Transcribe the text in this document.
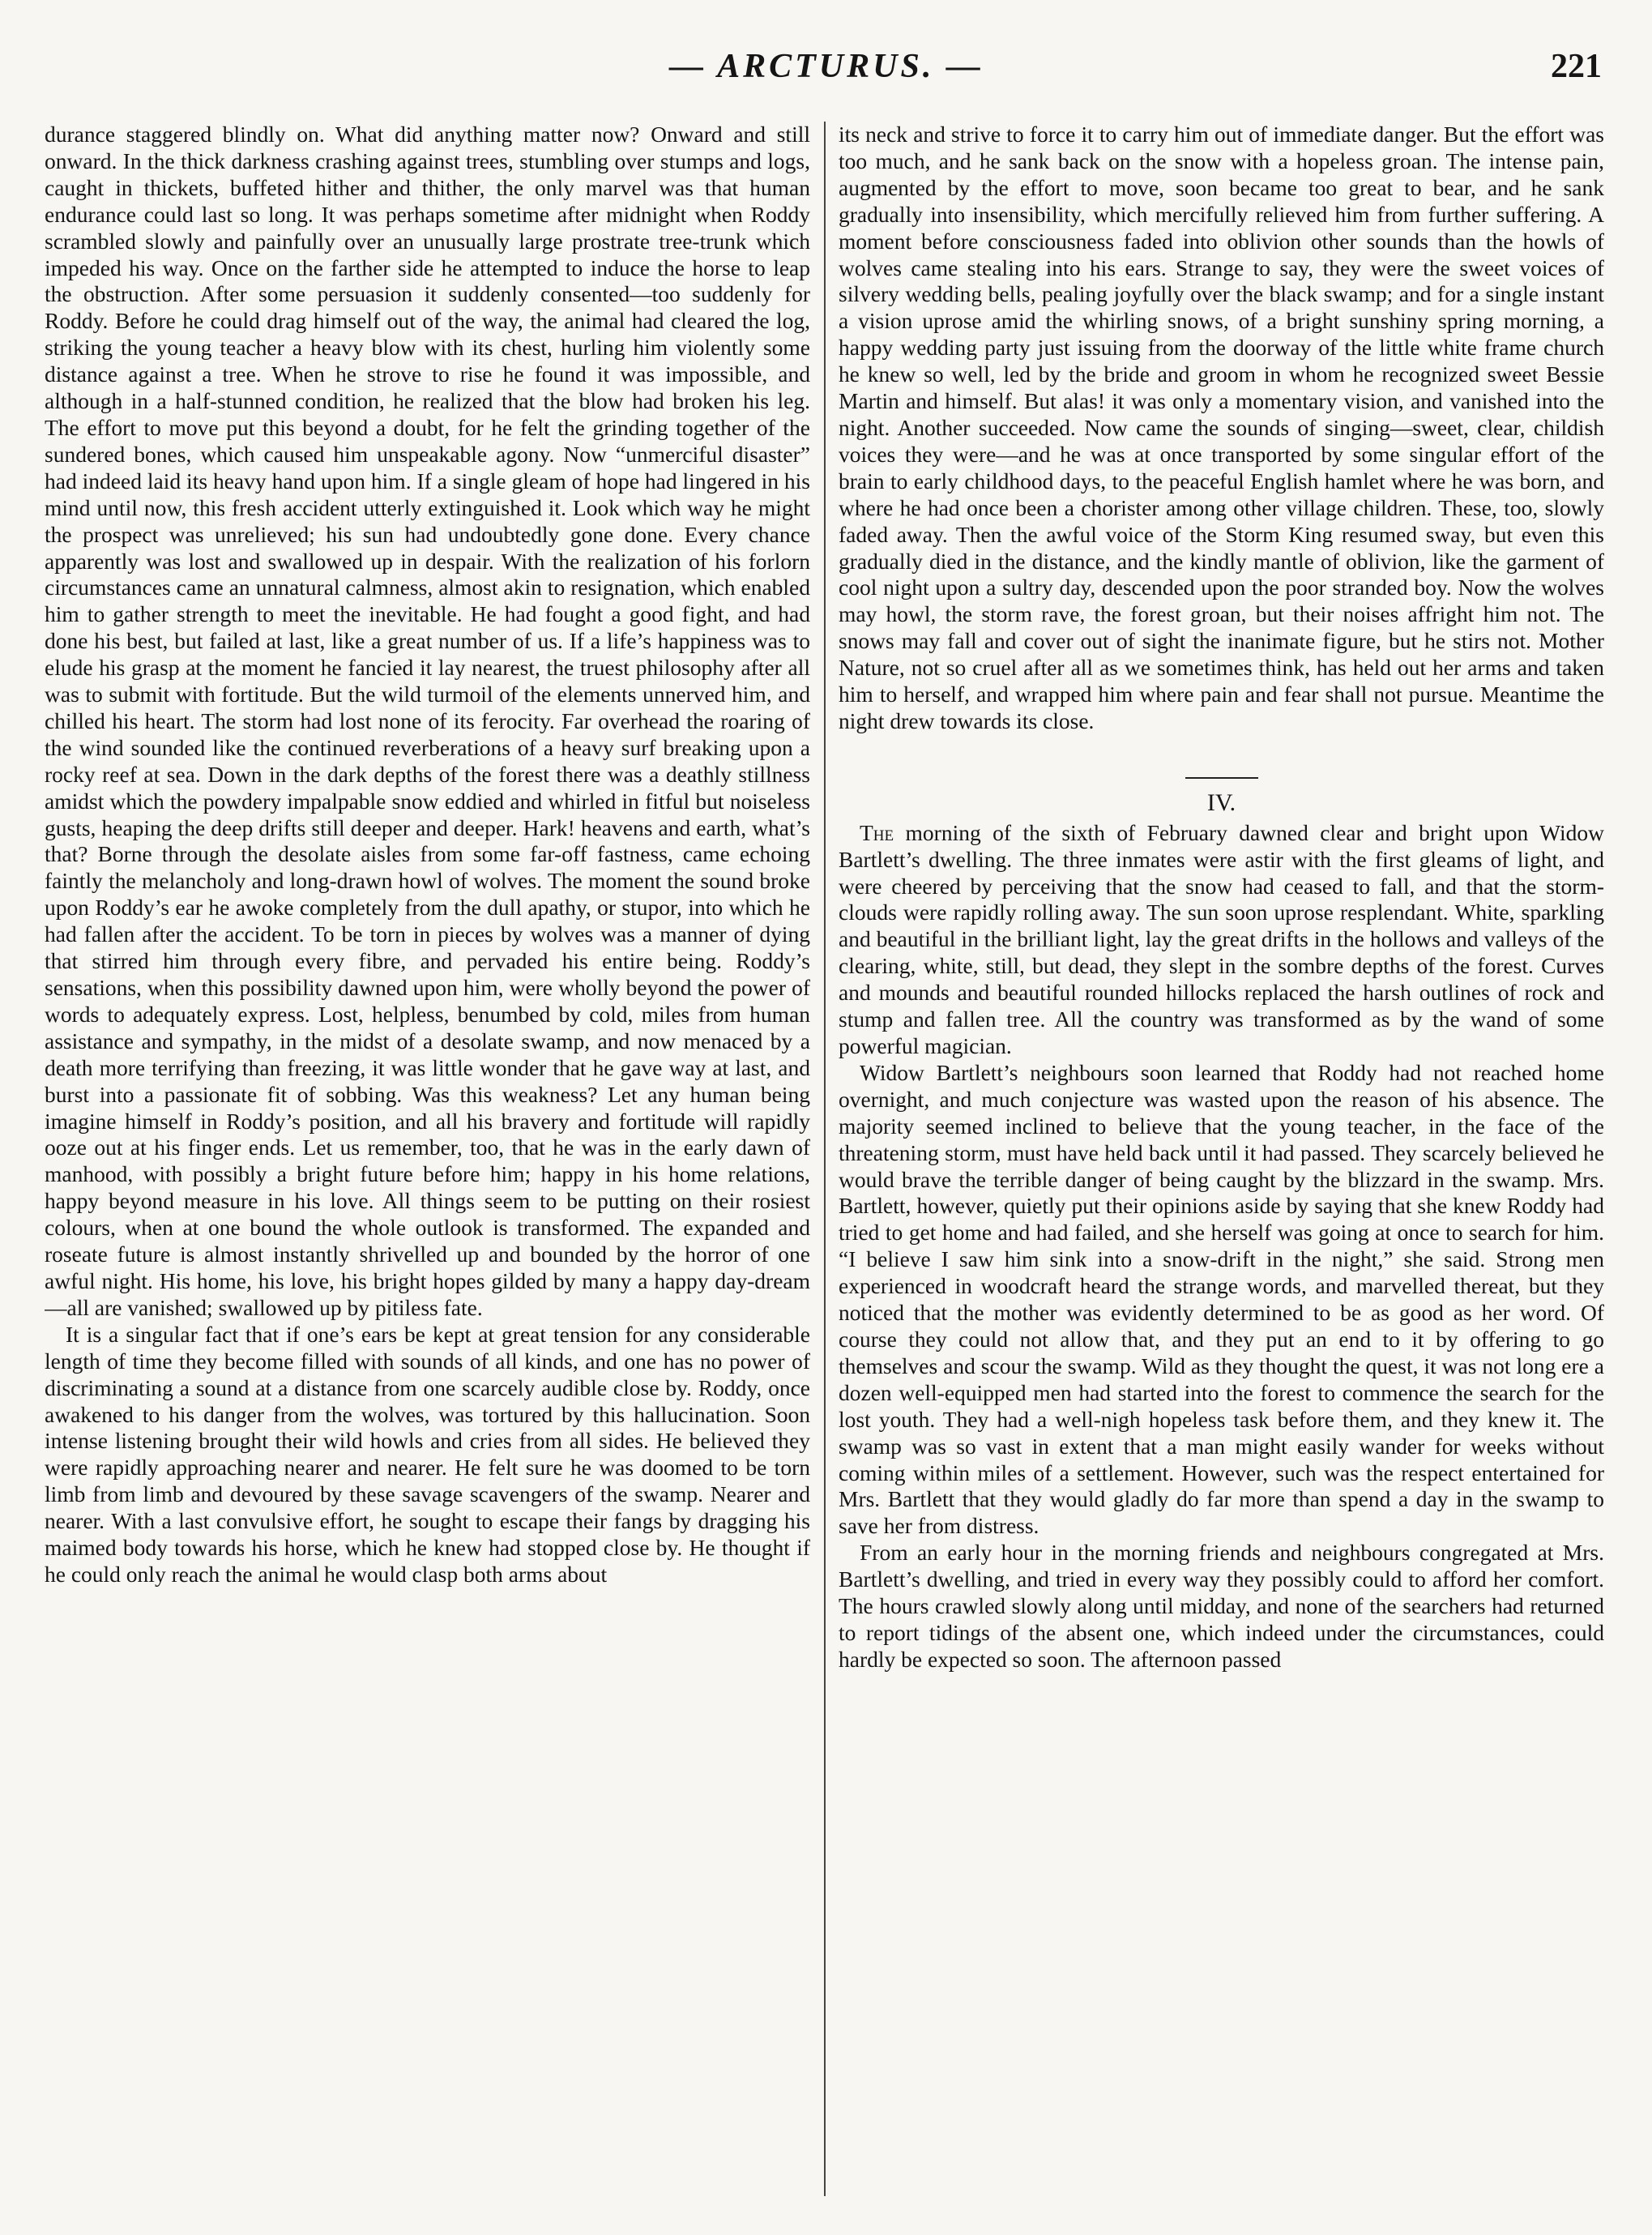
— ARCTURUS. —	221

durance staggered blindly on. What did anything matter now? Onward and still onward. In the thick darkness crashing against trees, stumbling over stumps and logs, caught in thickets, buffeted hither and thither, the only marvel was that human endurance could last so long. It was perhaps sometime after midnight when Roddy scrambled slowly and painfully over an unusually large prostrate tree-trunk which impeded his way. Once on the farther side he attempted to induce the horse to leap the obstruction. After some persuasion it suddenly consented—too suddenly for Roddy. Before he could drag himself out of the way, the animal had cleared the log, striking the young teacher a heavy blow with its chest, hurling him violently some distance against a tree. When he strove to rise he found it was impossible, and although in a half-stunned condition, he realized that the blow had broken his leg. The effort to move put this beyond a doubt, for he felt the grinding together of the sundered bones, which caused him unspeakable agony. Now “unmerciful disaster” had indeed laid its heavy hand upon him. If a single gleam of hope had lingered in his mind until now, this fresh accident utterly extinguished it. Look which way he might the prospect was unrelieved; his sun had undoubtedly gone done. Every chance apparently was lost and swallowed up in despair. With the realization of his forlorn circumstances came an unnatural calmness, almost akin to resignation, which enabled him to gather strength to meet the inevitable. He had fought a good fight, and had done his best, but failed at last, like a great number of us. If a life’s happiness was to elude his grasp at the moment he fancied it lay nearest, the truest philosophy after all was to submit with fortitude. But the wild turmoil of the elements unnerved him, and chilled his heart. The storm had lost none of its ferocity. Far overhead the roaring of the wind sounded like the continued reverberations of a heavy surf breaking upon a rocky reef at sea. Down in the dark depths of the forest there was a deathly stillness amidst which the powdery impalpable snow eddied and whirled in fitful but noiseless gusts, heaping the deep drifts still deeper and deeper. Hark! heavens and earth, what’s that? Borne through the desolate aisles from some far-off fastness, came echoing faintly the melancholy and long-drawn howl of wolves. The moment the sound broke upon Roddy’s ear he awoke completely from the dull apathy, or stupor, into which he had fallen after the accident. To be torn in pieces by wolves was a manner of dying that stirred him through every fibre, and pervaded his entire being. Roddy’s sensations, when this possibility dawned upon him, were wholly beyond the power of words to adequately express. Lost, helpless, benumbed by cold, miles from human assistance and sympathy, in the midst of a desolate swamp, and now menaced by a death more terrifying than freezing, it was little wonder that he gave way at last, and burst into a passionate fit of sobbing. Was this weakness? Let any human being imagine himself in Roddy’s position, and all his bravery and fortitude will rapidly ooze out at his finger ends. Let us remember, too, that he was in the early dawn of manhood, with possibly a bright future before him; happy in his home relations, happy beyond measure in his love. All things seem to be putting on their rosiest colours, when at one bound the whole outlook is transformed. The expanded and roseate future is almost instantly shrivelled up and bounded by the horror of one awful night. His home, his love, his bright hopes gilded by many a happy day-dream—all are vanished; swallowed up by pitiless fate.

It is a singular fact that if one’s ears be kept at great tension for any considerable length of time they become filled with sounds of all kinds, and one has no power of discriminating a sound at a distance from one scarcely audible close by. Roddy, once awakened to his danger from the wolves, was tortured by this hallucination. Soon intense listening brought their wild howls and cries from all sides. He believed they were rapidly approaching nearer and nearer. He felt sure he was doomed to be torn limb from limb and devoured by these savage scavengers of the swamp. Nearer and nearer. With a last convulsive effort, he sought to escape their fangs by dragging his maimed body towards his horse, which he knew had stopped close by. He thought if he could only reach the animal he would clasp both arms about

its neck and strive to force it to carry him out of immediate danger. But the effort was too much, and he sank back on the snow with a hopeless groan. The intense pain, augmented by the effort to move, soon became too great to bear, and he sank gradually into insensibility, which mercifully relieved him from further suffering. A moment before consciousness faded into oblivion other sounds than the howls of wolves came stealing into his ears. Strange to say, they were the sweet voices of silvery wedding bells, pealing joyfully over the black swamp; and for a single instant a vision uprose amid the whirling snows, of a bright sunshiny spring morning, a happy wedding party just issuing from the doorway of the little white frame church he knew so well, led by the bride and groom in whom he recognized sweet Bessie Martin and himself. But alas! it was only a momentary vision, and vanished into the night. Another succeeded. Now came the sounds of singing—sweet, clear, childish voices they were—and he was at once transported by some singular effort of the brain to early childhood days, to the peaceful English hamlet where he was born, and where he had once been a chorister among other village children. These, too, slowly faded away. Then the awful voice of the Storm King resumed sway, but even this gradually died in the distance, and the kindly mantle of oblivion, like the garment of cool night upon a sultry day, descended upon the poor stranded boy. Now the wolves may howl, the storm rave, the forest groan, but their noises affright him not. The snows may fall and cover out of sight the inanimate figure, but he stirs not. Mother Nature, not so cruel after all as we sometimes think, has held out her arms and taken him to herself, and wrapped him where pain and fear shall not pursue. Meantime the night drew towards its close.

IV.

The morning of the sixth of February dawned clear and bright upon Widow Bartlett’s dwelling. The three inmates were astir with the first gleams of light, and were cheered by perceiving that the snow had ceased to fall, and that the storm-clouds were rapidly rolling away. The sun soon uprose resplendant. White, sparkling and beautiful in the brilliant light, lay the great drifts in the hollows and valleys of the clearing, white, still, but dead, they slept in the sombre depths of the forest. Curves and mounds and beautiful rounded hillocks replaced the harsh outlines of rock and stump and fallen tree. All the country was transformed as by the wand of some powerful magician.

Widow Bartlett’s neighbours soon learned that Roddy had not reached home overnight, and much conjecture was wasted upon the reason of his absence. The majority seemed inclined to believe that the young teacher, in the face of the threatening storm, must have held back until it had passed. They scarcely believed he would brave the terrible danger of being caught by the blizzard in the swamp. Mrs. Bartlett, however, quietly put their opinions aside by saying that she knew Roddy had tried to get home and had failed, and she herself was going at once to search for him. “I believe I saw him sink into a snow-drift in the night,” she said. Strong men experienced in woodcraft heard the strange words, and marvelled thereat, but they noticed that the mother was evidently determined to be as good as her word. Of course they could not allow that, and they put an end to it by offering to go themselves and scour the swamp. Wild as they thought the quest, it was not long ere a dozen well-equipped men had started into the forest to commence the search for the lost youth. They had a well-nigh hopeless task before them, and they knew it. The swamp was so vast in extent that a man might easily wander for weeks without coming within miles of a settlement. However, such was the respect entertained for Mrs. Bartlett that they would gladly do far more than spend a day in the swamp to save her from distress.

From an early hour in the morning friends and neighbours congregated at Mrs. Bartlett’s dwelling, and tried in every way they possibly could to afford her comfort. The hours crawled slowly along until midday, and none of the searchers had returned to report tidings of the absent one, which indeed under the circumstances, could hardly be expected so soon. The afternoon passed
